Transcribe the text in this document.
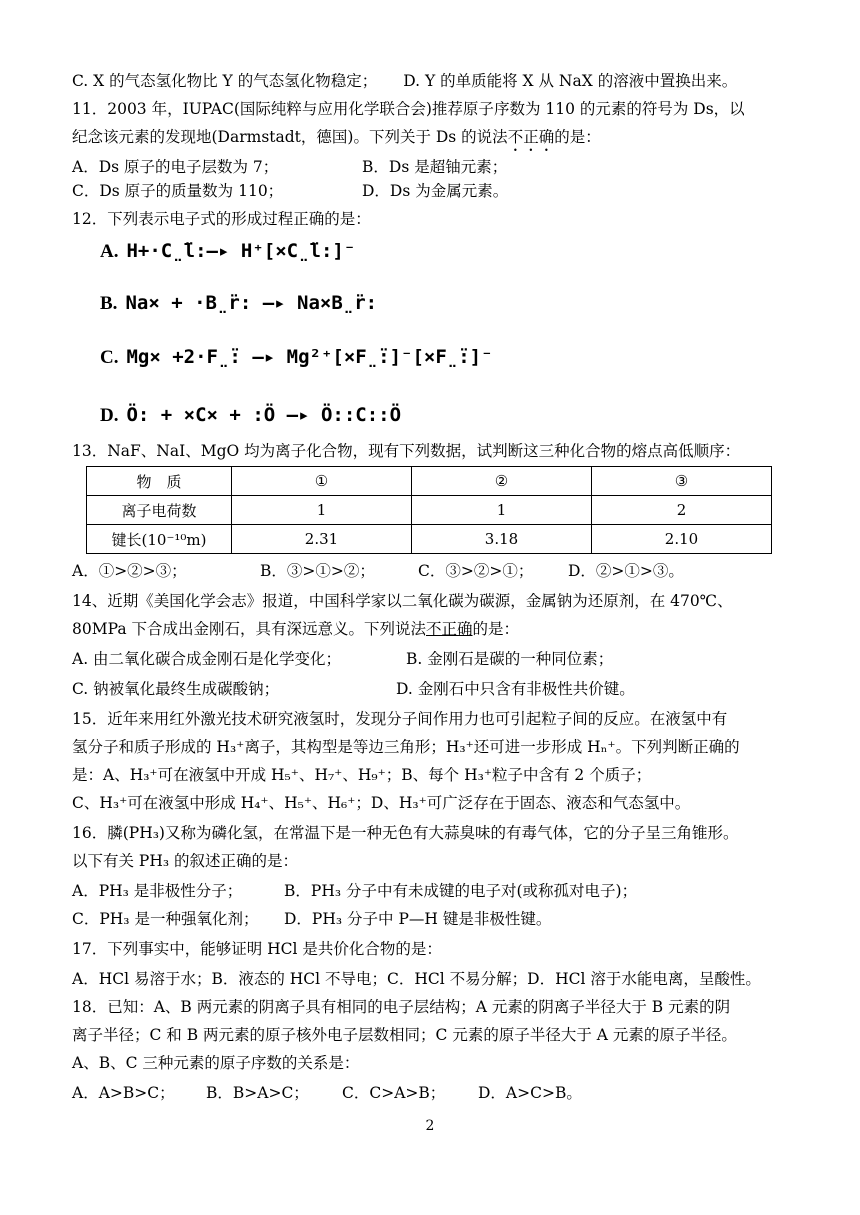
C. X 的气态氢化物比 Y 的气态氢化物稳定； D. Y 的单质能将 X 从 NaX 的溶液中置换出来。
11．2003 年，IUPAC(国际纯粹与应用化学联合会)推荐原子序数为 110 的元素的符号为 Ds，以
纪念该元素的发现地(Darmstadt，德国)。下列关于 Ds 的说法不正确的是：
A．Ds 原子的电子层数为 7；	B．Ds 是超铀元素；
C．Ds 原子的质量数为 110；	D．Ds 为金属元素。
12．下列表示电子式的形成过程正确的是：
A. H+·C̤̈l:—▸ H⁺[×C̤̈l:]⁻
B. Na× + ·B̤̈r: —▸ Na×B̤̈r:
C. Mg× +2·F̤̈: —▸ Mg²⁺[×F̤̈:]⁻[×F̤̈:]⁻
D. Ö: + ×C× + :Ö —▸ Ö::C::Ö
13．NaF、NaI、MgO 均为离子化合物，现有下列数据，试判断这三种化合物的熔点高低顺序：
物　质	①	②	③
离子电荷数	1	1	2
键长(10⁻¹⁰m)	2.31	3.18	2.10
A．①>②>③；	B．③>①>②；	C．③>②>①； D．②>①>③。
14、近期《美国化学会志》报道，中国科学家以二氧化碳为碳源，金属钠为还原剂，在 470℃、
80MPa 下合成出金刚石，具有深远意义。下列说法不正确的是：
A. 由二氧化碳合成金刚石是化学变化；	B. 金刚石是碳的一种同位素；
C. 钠被氧化最终生成碳酸钠；	D. 金刚石中只含有非极性共价键。
15．近年来用红外激光技术研究液氢时，发现分子间作用力也可引起粒子间的反应。在液氢中有
氢分子和质子形成的 H₃⁺离子，其构型是等边三角形；H₃⁺还可进一步形成 Hₙ⁺。下列判断正确的
是：A、H₃⁺可在液氢中开成 H₅⁺、H₇⁺、H₉⁺；B、每个 H₃⁺粒子中含有 2 个质子；
C、H₃⁺可在液氢中形成 H₄⁺、H₅⁺、H₆⁺；D、H₃⁺可广泛存在于固态、液态和气态氢中。
16．膦(PH₃)又称为磷化氢，在常温下是一种无色有大蒜臭味的有毒气体，它的分子呈三角锥形。
以下有关 PH₃ 的叙述正确的是：
A．PH₃ 是非极性分子；	B．PH₃ 分子中有未成键的电子对(或称孤对电子)；
C．PH₃ 是一种强氧化剂； D．PH₃ 分子中 P—H 键是非极性键。
17．下列事实中，能够证明 HCl 是共价化合物的是：
A．HCl 易溶于水；B．液态的 HCl 不导电；C．HCl 不易分解；D．HCl 溶于水能电离，呈酸性。
18．已知：A、B 两元素的阴离子具有相同的电子层结构；A 元素的阴离子半径大于 B 元素的阴
离子半径；C 和 B 两元素的原子核外电子层数相同；C 元素的原子半径大于 A 元素的原子半径。
A、B、C 三种元素的原子序数的关系是：
A．A>B>C； B．B>A>C； C．C>A>B； D．A>C>B。
2
